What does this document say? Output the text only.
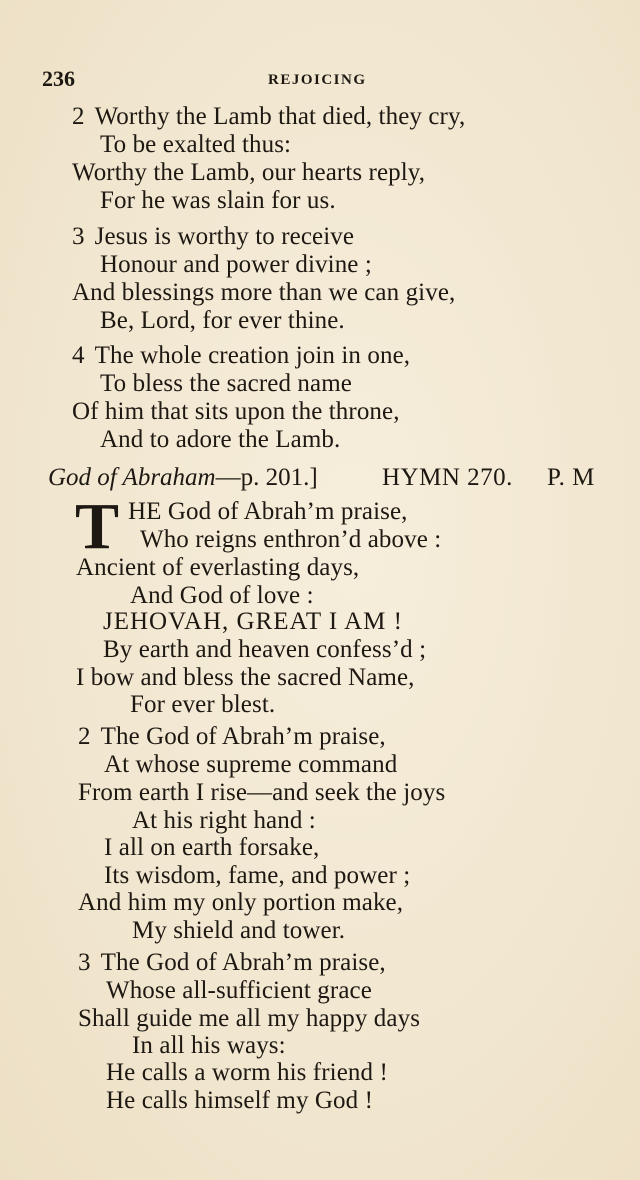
236	REJOICING
2 Worthy the Lamb that died, they cry,
To be exalted thus:
Worthy the Lamb, our hearts reply,
For he was slain for us.
3 Jesus is worthy to receive
Honour and power divine ;
And blessings more than we can give,
Be, Lord, for ever thine.
4 The whole creation join in one,
To bless the sacred name
Of him that sits upon the throne,
And to adore the Lamb.
God of Abraham—p. 201.]	HYMN 270. P. M
T HE God of Abrah’m praise,
Who reigns enthron’d above :
Ancient of everlasting days,
And God of love :
JEHOVAH, GREAT I AM !
By earth and heaven confess’d ;
I bow and bless the sacred Name,
For ever blest.
2 The God of Abrah’m praise,
At whose supreme command
From earth I rise—and seek the joys
At his right hand :
I all on earth forsake,
Its wisdom, fame, and power ;
And him my only portion make,
My shield and tower.
3 The God of Abrah’m praise,
Whose all-sufficient grace
Shall guide me all my happy days
In all his ways:
He calls a worm his friend !
He calls himself my God !
